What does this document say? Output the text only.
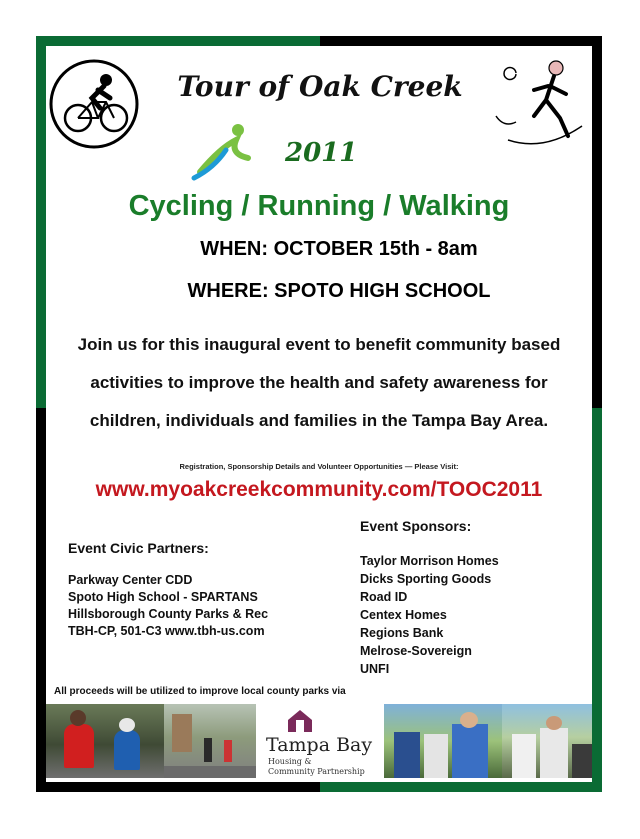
Tour of Oak Creek
2011
Cycling / Running / Walking
WHEN: OCTOBER 15th - 8am
WHERE: SPOTO HIGH SCHOOL
Join us for this inaugural event to benefit community based activities to improve the health and safety awareness for children, individuals and families in the Tampa Bay Area.
Registration, Sponsorship Details and Volunteer Opportunities — Please Visit:
www.myoakcreekcommunity.com/TOOC2011
Event Sponsors:
Taylor Morrison Homes
Dicks Sporting Goods
Road ID
Centex Homes
Regions Bank
Melrose-Sovereign
UNFI
Event Civic Partners:
Parkway Center CDD
Spoto High School - SPARTANS
Hillsborough County Parks & Rec
TBH-CP, 501-C3 www.tbh-us.com
All proceeds will be utilized to improve local county parks via
Tampa Bay
Housing &
Community Partnership
